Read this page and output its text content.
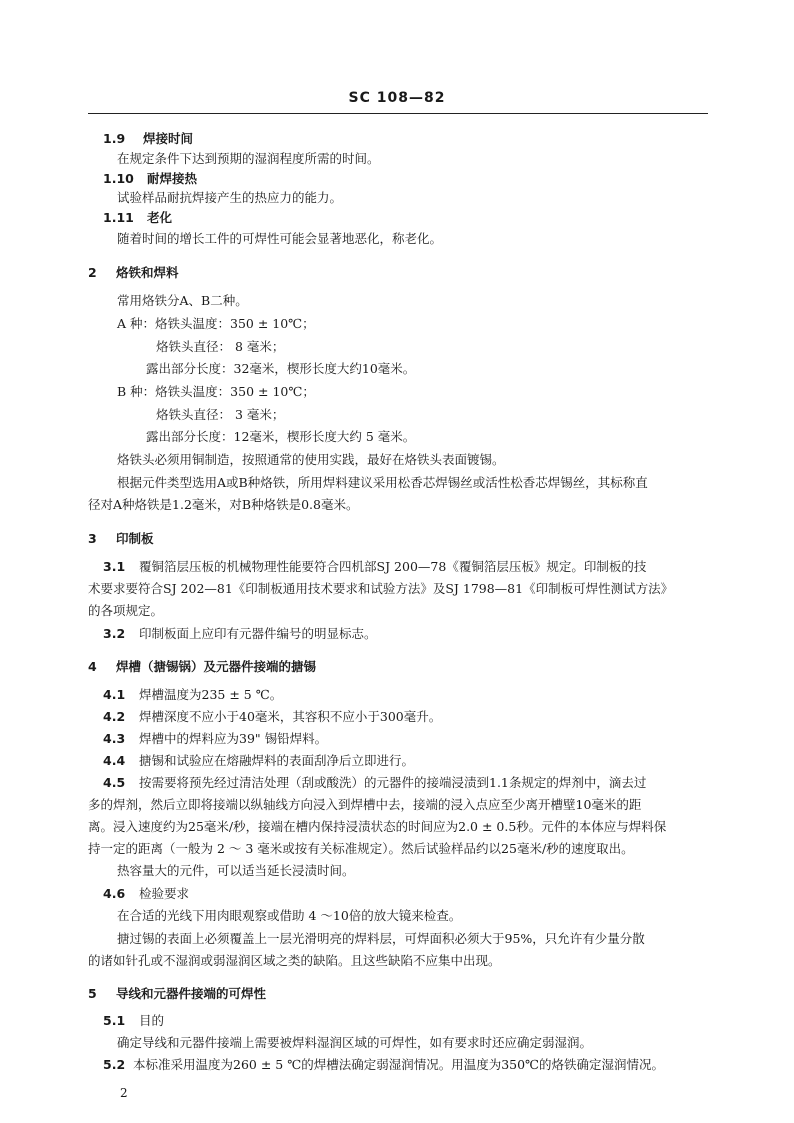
SC 108—82
1.9 焊接时间
在规定条件下达到预期的湿润程度所需的时间。
1.10 耐焊接热
试验样品耐抗焊接产生的热应力的能力。
1.11 老化
随着时间的增长工件的可焊性可能会显著地恶化，称老化。
2 烙铁和焊料
常用烙铁分A、B二种。
A 种：烙铁头温度：350 ± 10℃；
烙铁头直径： 8 毫米；
露出部分长度：32毫米，楔形长度大约10毫米。
B 种：烙铁头温度：350 ± 10℃；
烙铁头直径： 3 毫米；
露出部分长度：12毫米，楔形长度大约 5 毫米。
烙铁头必须用铜制造，按照通常的使用实践，最好在烙铁头表面镀锡。
根据元件类型选用A或B种烙铁，所用焊料建议采用松香芯焊锡丝或活性松香芯焊锡丝，其标称直
径对A种烙铁是1.2毫米，对B种烙铁是0.8毫米。
3 印制板
3.1 覆铜箔层压板的机械物理性能要符合四机部SJ 200—78《覆铜箔层压板》规定。印制板的技
术要求要符合SJ 202—81《印制板通用技术要求和试验方法》及SJ 1798—81《印制板可焊性测试方法》
的各项规定。
3.2 印制板面上应印有元器件编号的明显标志。
4 焊槽（搪锡锅）及元器件接端的搪锡
4.1 焊槽温度为235 ± 5 ℃。
4.2 焊槽深度不应小于40毫米，其容积不应小于300毫升。
4.3 焊槽中的焊料应为39" 锡铅焊料。
4.4 搪锡和试验应在熔融焊料的表面刮净后立即进行。
4.5 按需要将预先经过清洁处理（刮或酸洗）的元器件的接端浸渍到1.1条规定的焊剂中，滴去过
多的焊剂，然后立即将接端以纵轴线方向浸入到焊槽中去，接端的浸入点应至少离开槽壁10毫米的距
离。浸入速度约为25毫米/秒，接端在槽内保持浸渍状态的时间应为2.0 ± 0.5秒。元件的本体应与焊料保
持一定的距离（一般为 2 ～ 3 毫米或按有关标准规定）。然后试验样品约以25毫米/秒的速度取出。
热容量大的元件，可以适当延长浸渍时间。
4.6 检验要求
在合适的光线下用肉眼观察或借助 4 ～10倍的放大镜来检查。
搪过锡的表面上必须覆盖上一层光滑明亮的焊料层，可焊面积必须大于95%，只允许有少量分散
的诸如针孔或不湿润或弱湿润区域之类的缺陷。且这些缺陷不应集中出现。
5 导线和元器件接端的可焊性
5.1 目的
确定导线和元器件接端上需要被焊料湿润区域的可焊性，如有要求时还应确定弱湿润。
5.2 本标准采用温度为260 ± 5 ℃的焊槽法确定弱湿润情况。用温度为350℃的烙铁确定湿润情况。
2
